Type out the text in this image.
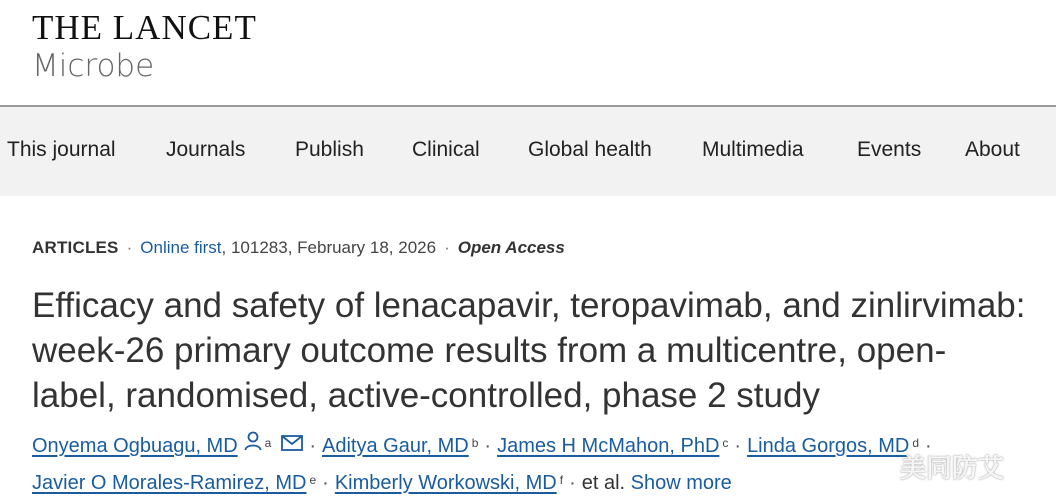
THE LANCET
Microbe
This journal Journals Publish Clinical Global health Multimedia	Events About
ARTICLES · Online first, 101283, February 18, 2026 · Open Access
Efficacy and safety of lenacapavir, teropavimab, and zinlirvimab:
week-26 primary outcome results from a multicentre, open-
label, randomised, active-controlled, phase 2 study
Onyema Ogbuagu, MD $^a$ · Aditya Gaur, MD $^b$ · James H McMahon, PhD $^c$ · Linda Gorgos, MD $^d$ ·
Javier O Morales-Ramirez, MD $^e$ · Kimberly Workowski, MD $^f$ · et al. Show more	美同防艾
